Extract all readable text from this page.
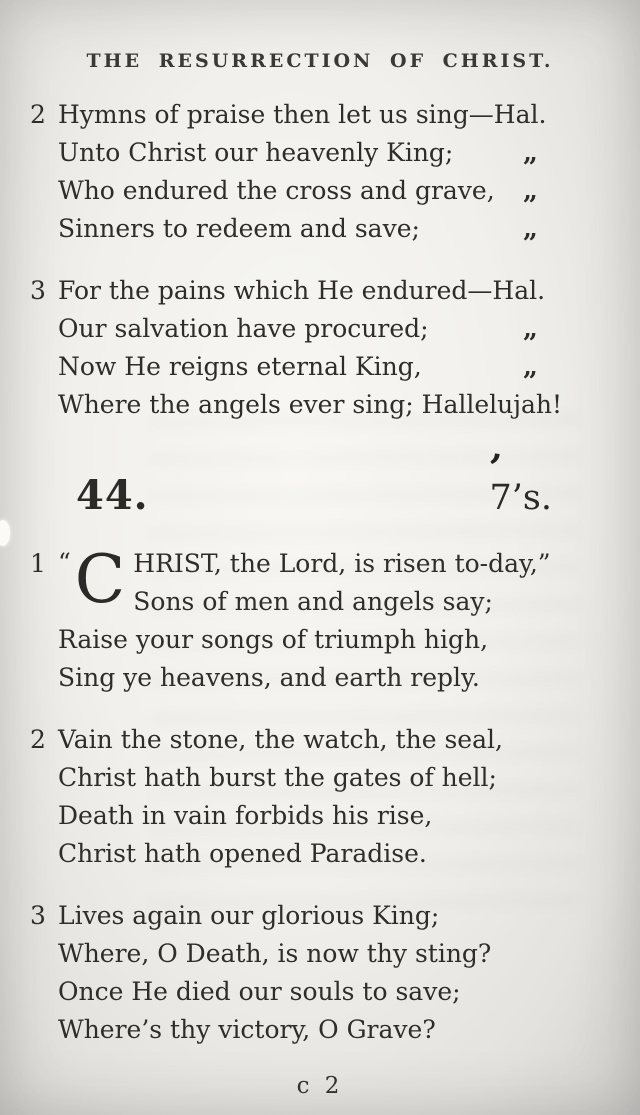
THE RESURRECTION OF CHRIST.
2 Hymns of praise then let us sing—Hal.
Unto Christ our heavenly King;	„
Who endured the cross and grave, „
Sinners to redeem and save;	„
3 For the pains which He endured—Hal.
Our salvation have procured;	„
Now He reigns eternal King,	„
Where the angels ever sing; Hallelujah!
,
44.	7’s.
1 “ C HRIST, the Lord, is risen to-day,”
Sons of men and angels say;
Raise your songs of triumph high,
Sing ye heavens, and earth reply.
2 Vain the stone, the watch, the seal,
Christ hath burst the gates of hell;
Death in vain forbids his rise,
Christ hath opened Paradise.
3 Lives again our glorious King;
Where, O Death, is now thy sting?
Once He died our souls to save;
Where’s thy victory, O Grave?
c 2
